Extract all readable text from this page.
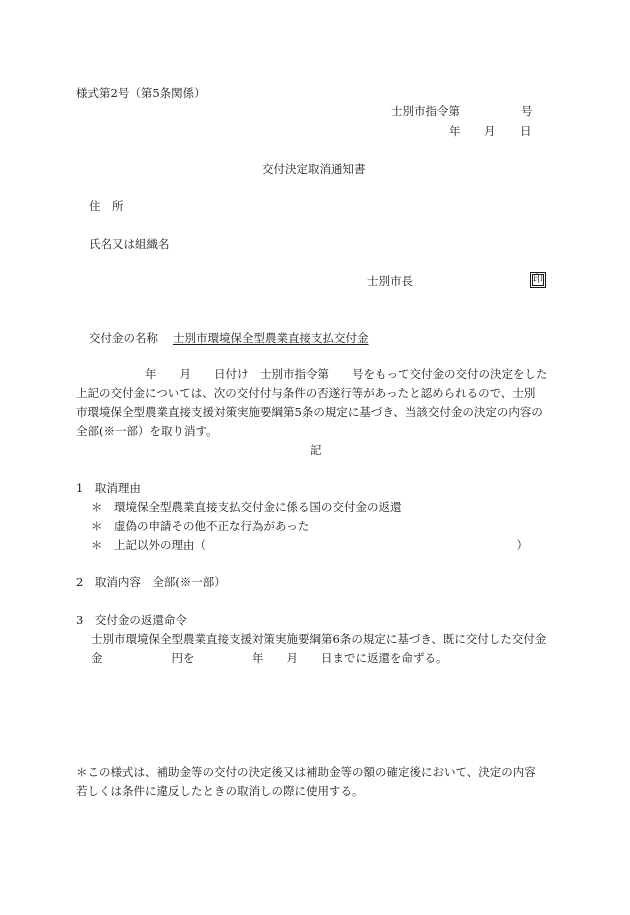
様式第2号（第5条関係）
士別市指令第	号
年 月 日
交付決定取消通知書
住　所
氏名又は組織名
士別市長	印
交付金の名称 士別市環境保全型農業直接支払交付金
　　　　　　年　　月　　日付け　士別市指令第　　号をもって交付金の交付の決定をした
上記の交付金については、次の交付付与条件の否遂行等があったと認められるので、士別
市環境保全型農業直接支援対策実施要綱第5条の規定に基づき、当該交付金の決定の内容の
全部(※一部）を取り消す。
記
1　取消理由
＊　環境保全型農業直接支払交付金に係る国の交付金の返還
＊　虚偽の申請その他不正な行為があった
＊　上記以外の理由（　　　　　　　　　　　　　　　　　　　　　　　　　　　）
2　取消内容　全部(※一部）
3　交付金の返還命令
士別市環境保全型農業直接支援対策実施要綱第6条の規定に基づき、既に交付した交付金
金　　　　　　円を　　　　　年　　月　　日までに返還を命ずる。
＊この様式は、補助金等の交付の決定後又は補助金等の額の確定後において、決定の内容
若しくは条件に違反したときの取消しの際に使用する。
